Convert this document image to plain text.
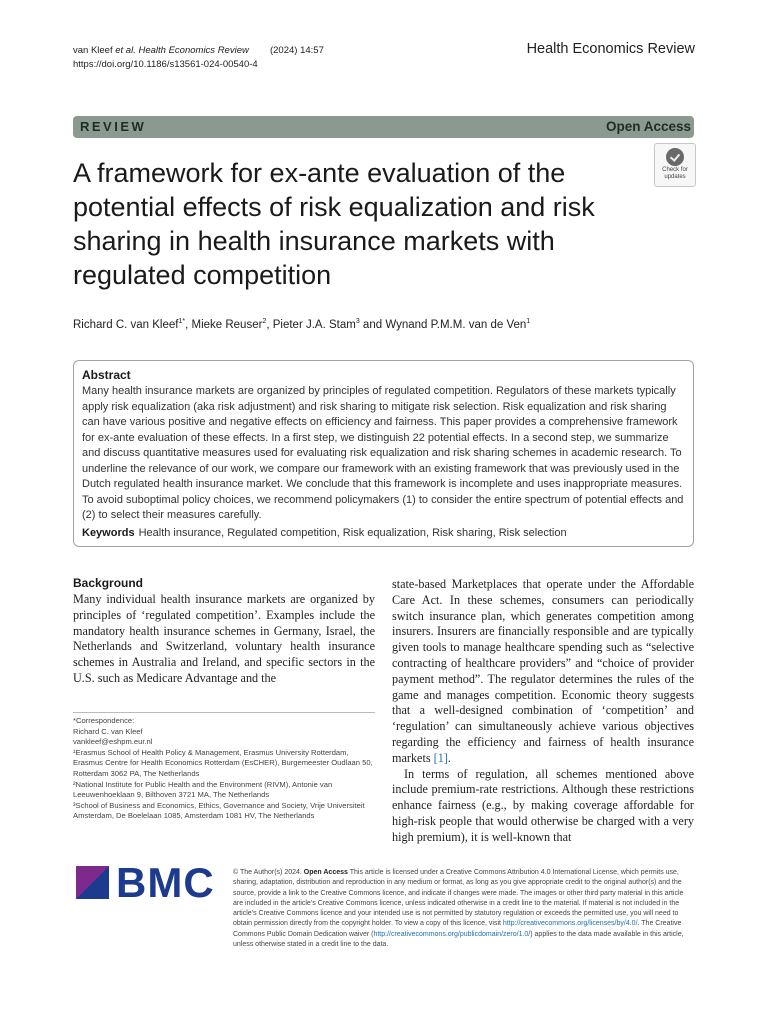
van Kleef et al. Health Economics Review (2024) 14:57
https://doi.org/10.1186/s13561-024-00540-4
Health Economics Review
REVIEW	Open Access
A framework for ex-ante evaluation of the potential effects of risk equalization and risk sharing in health insurance markets with regulated competition
Check for
updates
Richard C. van Kleef$^{1*}$, Mieke Reuser$^2$, Pieter J.A. Stam$^3$ and Wynand P.M.M. van de Ven$^1$
Abstract
Many health insurance markets are organized by principles of regulated competition. Regulators of these markets typically apply risk equalization (aka risk adjustment) and risk sharing to mitigate risk selection. Risk equalization and risk sharing can have various positive and negative effects on efficiency and fairness. This paper provides a comprehensive framework for ex-ante evaluation of these effects. In a first step, we distinguish 22 potential effects. In a second step, we summarize and discuss quantitative measures used for evaluating risk equalization and risk sharing schemes in academic research. To underline the relevance of our work, we compare our framework with an existing framework that was previously used in the Dutch regulated health insurance market. We conclude that this framework is incomplete and uses inappropriate measures. To avoid suboptimal policy choices, we recommend policymakers (1) to consider the entire spectrum of potential effects and (2) to select their measures carefully.
Keywords Health insurance, Regulated competition, Risk equalization, Risk sharing, Risk selection
Background
Many individual health insurance markets are organized by principles of ‘regulated competition’. Examples include the mandatory health insurance schemes in Germany, Israel, the Netherlands and Switzerland, voluntary health insurance schemes in Australia and Ireland, and specific sectors in the U.S. such as Medicare Advantage and the
state-based Marketplaces that operate under the Affordable Care Act. In these schemes, consumers can periodically switch insurance plan, which generates competition among insurers. Insurers are financially responsible and are typically given tools to manage healthcare spending such as “selective contracting of healthcare providers” and “choice of provider payment method”. The regulator determines the rules of the game and manages competition. Economic theory suggests that a well-designed combination of ‘competition’ and ‘regulation’ can simultaneously achieve various objectives regarding the efficiency and fairness of health insurance markets [1].
In terms of regulation, all schemes mentioned above include premium-rate restrictions. Although these restrictions enhance fairness (e.g., by making coverage affordable for high-risk people that would otherwise be charged with a very high premium), it is well-known that
*Correspondence:
Richard C. van Kleef
vankleef@eshpm.eur.nl
¹Erasmus School of Health Policy & Management, Erasmus University Rotterdam, Erasmus Centre for Health Economics Rotterdam (EsCHER), Burgemeester Oudlaan 50, Rotterdam 3062 PA, The Netherlands
²National Institute for Public Health and the Environment (RIVM), Antonie van Leeuwenhoeklaan 9, Bilthoven 3721 MA, The Netherlands
³School of Business and Economics, Ethics, Governance and Society, Vrije Universiteit Amsterdam, De Boelelaan 1085, Amsterdam 1081 HV, The Netherlands
BMC	© The Author(s) 2024. Open Access This article is licensed under a Creative Commons Attribution 4.0 International License, which permits use, sharing, adaptation, distribution and reproduction in any medium or format, as long as you give appropriate credit to the original author(s) and the source, provide a link to the Creative Commons licence, and indicate if changes were made. The images or other third party material in this article are included in the article’s Creative Commons licence, unless indicated otherwise in a credit line to the material. If material is not included in the article’s Creative Commons licence and your intended use is not permitted by statutory regulation or exceeds the permitted use, you will need to obtain permission directly from the copyright holder. To view a copy of this licence, visit http://creativecommons.org/licenses/by/4.0/. The Creative Commons Public Domain Dedication waiver (http://creativecommons.org/publicdomain/zero/1.0/) applies to the data made available in this article, unless otherwise stated in a credit line to the data.
